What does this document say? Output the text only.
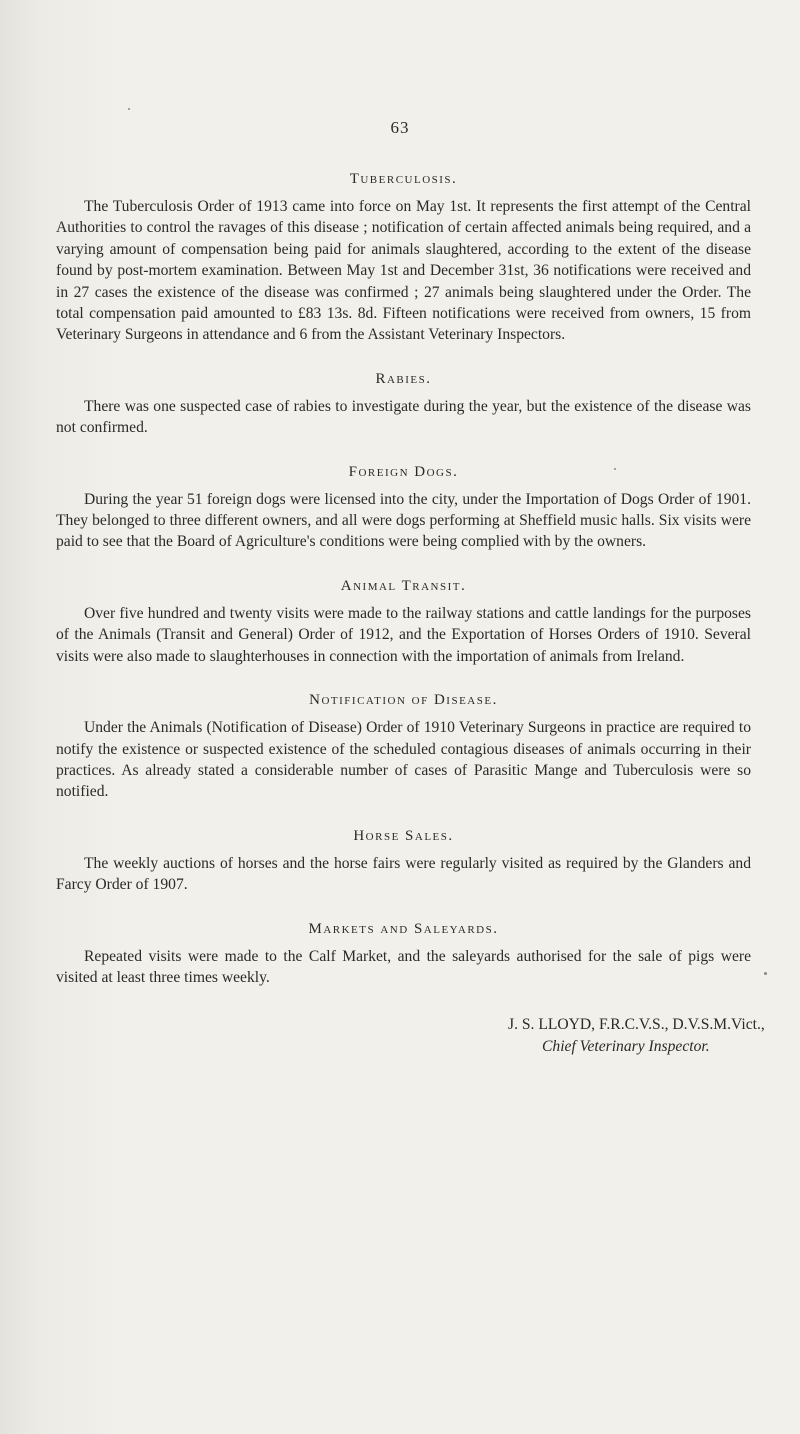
63
Tuberculosis.

The Tuberculosis Order of 1913 came into force on May 1st. It represents the first attempt of the Central Authorities to control the ravages of this disease ; notification of certain affected animals being required, and a varying amount of compensation being paid for animals slaughtered, according to the extent of the disease found by post-mortem examination. Between May 1st and December 31st, 36 notifications were received and in 27 cases the existence of the disease was confirmed ; 27 animals being slaughtered under the Order. The total compensation paid amounted to £83 13s. 8d. Fifteen notifications were received from owners, 15 from Veterinary Surgeons in attendance and 6 from the Assistant Veterinary Inspectors.

Rabies.

There was one suspected case of rabies to investigate during the year, but the existence of the disease was not confirmed.

Foreign Dogs.

During the year 51 foreign dogs were licensed into the city, under the Importation of Dogs Order of 1901. They belonged to three different owners, and all were dogs performing at Sheffield music halls. Six visits were paid to see that the Board of Agriculture's conditions were being complied with by the owners.

Animal Transit.

Over five hundred and twenty visits were made to the railway stations and cattle landings for the purposes of the Animals (Transit and General) Order of 1912, and the Exportation of Horses Orders of 1910. Several visits were also made to slaughterhouses in connection with the importation of animals from Ireland.

Notification of Disease.

Under the Animals (Notification of Disease) Order of 1910 Veterinary Surgeons in practice are required to notify the existence or suspected existence of the scheduled contagious diseases of animals occurring in their practices. As already stated a considerable number of cases of Parasitic Mange and Tuberculosis were so notified.

Horse Sales.

The weekly auctions of horses and the horse fairs were regularly visited as required by the Glanders and Farcy Order of 1907.

Markets and Saleyards.

Repeated visits were made to the Calf Market, and the saleyards authorised for the sale of pigs were visited at least three times weekly.

J. S. LLOYD, F.R.C.V.S., D.V.S.M.Vict.,
Chief Veterinary Inspector.
